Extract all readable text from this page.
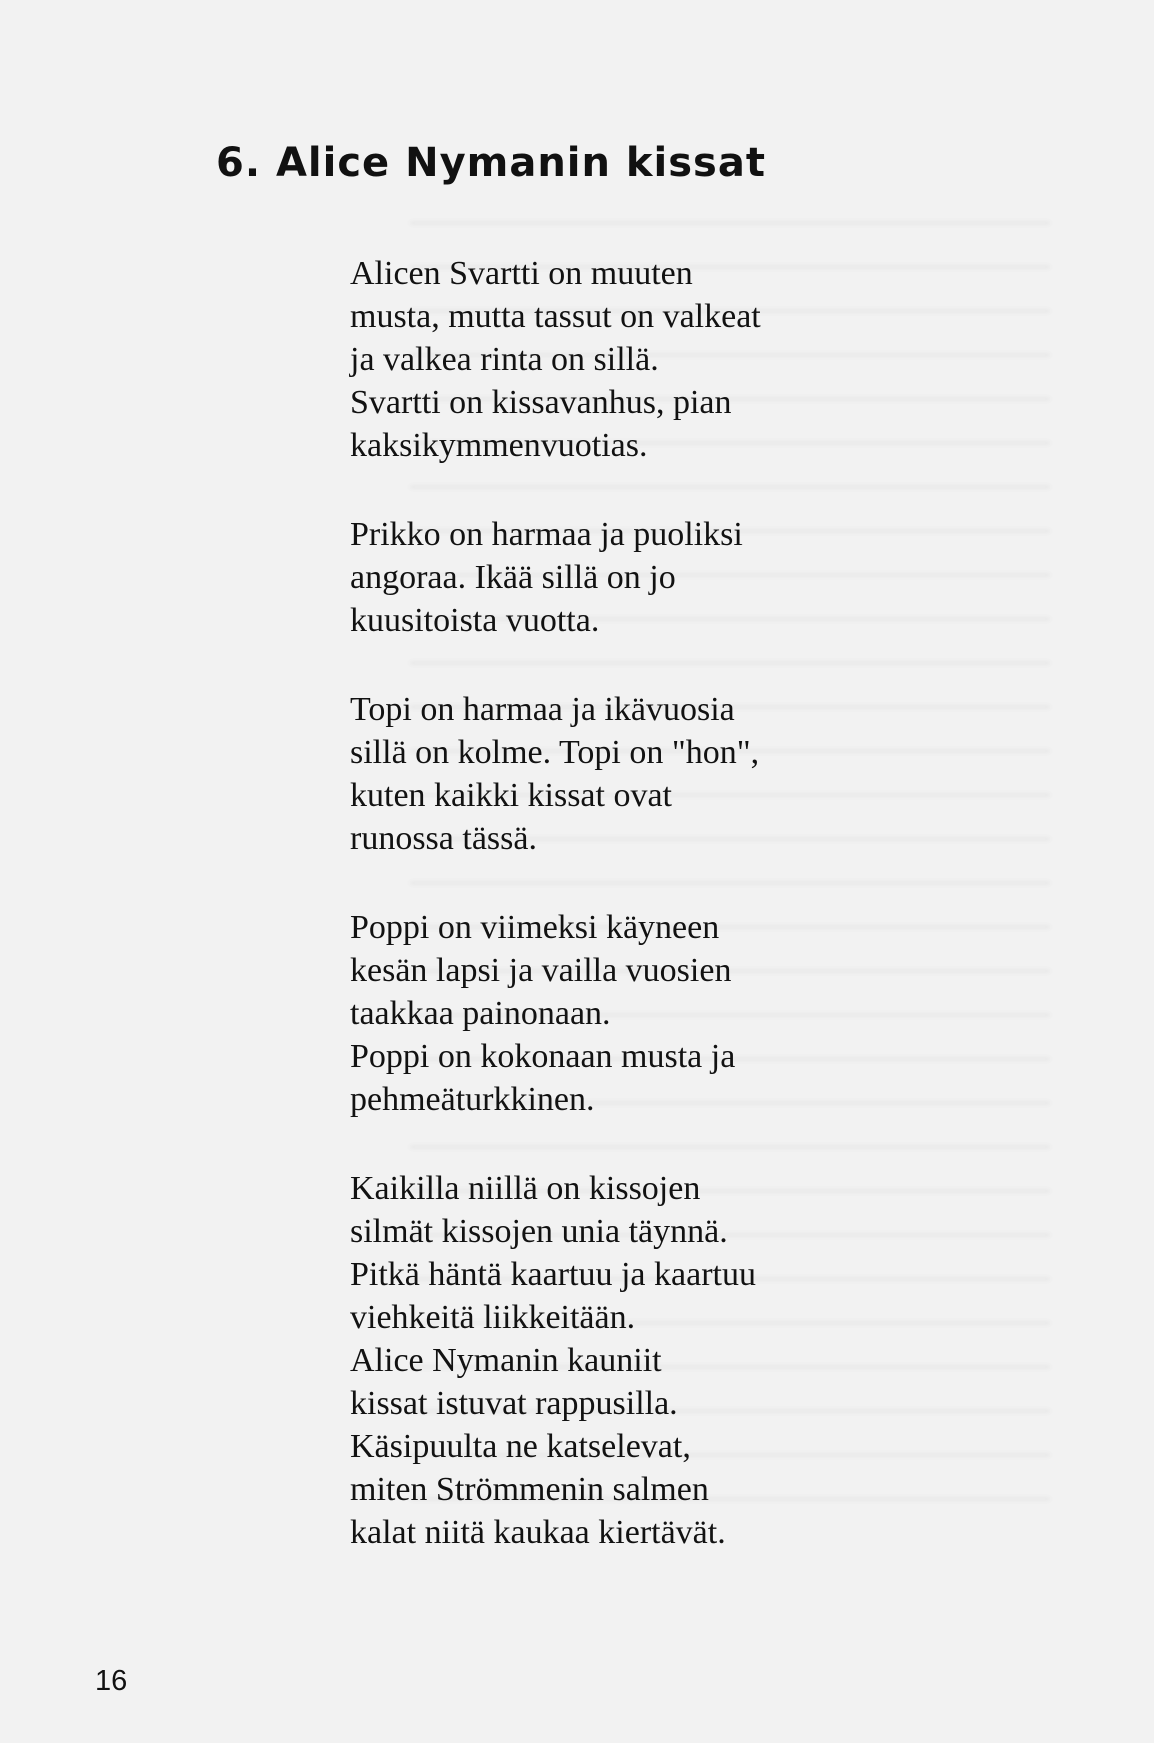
6. Alice Nymanin kissat
Alicen Svartti on muuten
musta, mutta tassut on valkeat
ja valkea rinta on sillä.
Svartti on kissavanhus, pian
kaksikymmenvuotias.
Prikko on harmaa ja puoliksi
angoraa. Ikää sillä on jo
kuusitoista vuotta.
Topi on harmaa ja ikävuosia
sillä on kolme. Topi on "hon",
kuten kaikki kissat ovat
runossa tässä.
Poppi on viimeksi käyneen
kesän lapsi ja vailla vuosien
taakkaa painonaan.
Poppi on kokonaan musta ja
pehmeäturkkinen.
Kaikilla niillä on kissojen
silmät kissojen unia täynnä.
Pitkä häntä kaartuu ja kaartuu
viehkeitä liikkeitään.
Alice Nymanin kauniit
kissat istuvat rappusilla.
Käsipuulta ne katselevat,
miten Strömmenin salmen
kalat niitä kaukaa kiertävät.
16
